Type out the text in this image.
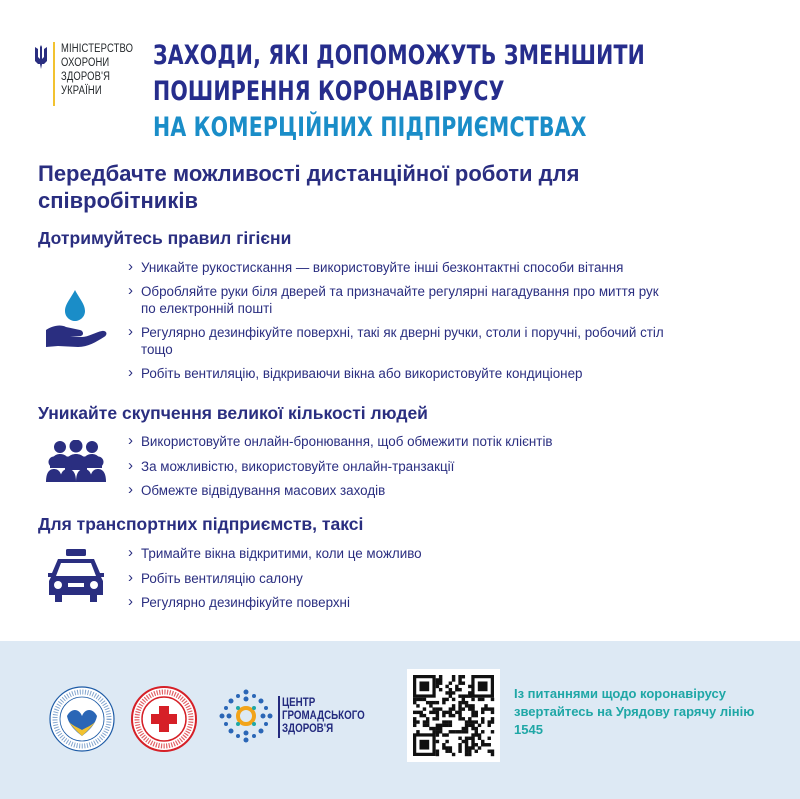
МІНІСТЕРСТВО
ОХОРОНИ
ЗДОРОВ'Я
УКРАЇНИ
ЗАХОДИ, ЯКІ ДОПОМОЖУТЬ ЗМЕНШИТИ
ПОШИРЕННЯ КОРОНАВІРУСУ
НА КОМЕРЦІЙНИХ ПІДПРИЄМСТВАХ
Передбачте можливості дистанційної роботи для співробітників
Дотримуйтесь правил гігієни
› Уникайте рукостискання — використовуйте інші безконтактні способи вітання
› Обробляйте руки біля дверей та призначайте регулярні нагадування про миття рук по електронній пошті
› Регулярно дезинфікуйте поверхні, такі як дверні ручки, столи і поручні, робочий стіл тощо
› Робіть вентиляцію, відкриваючи вікна або використовуйте кондиціонер
Уникайте скупчення великої кількості людей
› Використовуйте онлайн-бронювання, щоб обмежити потік клієнтів
› За можливістю, використовуйте онлайн-транзакції
› Обмежте відвідування масових заходів
Для транспортних підприємств, таксі
› Тримайте вікна відкритими, коли це можливо
› Робіть вентиляцію салону
› Регулярно дезинфікуйте поверхні
ЦЕНТР
ГРОМАДСЬКОГО
ЗДОРОВ'Я
Із питаннями щодо коронавірусу звертайтесь на Урядову гарячу лінію
1545
